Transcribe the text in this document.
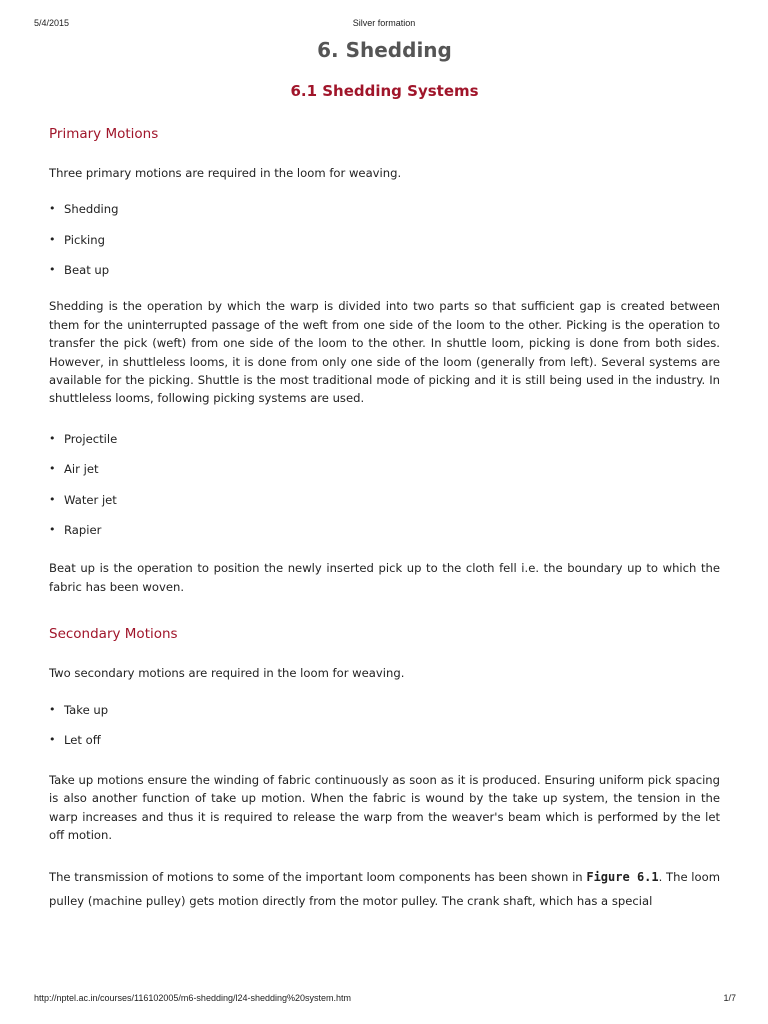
5/4/2015	Silver formation
6. Shedding
6.1 Shedding Systems
Primary Motions

Three primary motions are required in the loom for weaving.

• Shedding
• Picking
• Beat up

Shedding is the operation by which the warp is divided into two parts so that sufficient gap is created between them for the uninterrupted passage of the weft from one side of the loom to the other. Picking is the operation to transfer the pick (weft) from one side of the loom to the other. In shuttle loom, picking is done from both sides. However, in shuttleless looms, it is done from only one side of the loom (generally from left). Several systems are available for the picking. Shuttle is the most traditional mode of picking and it is still being used in the industry. In shuttleless looms, following picking systems are used.

• Projectile
• Air jet
• Water jet
• Rapier

Beat up is the operation to position the newly inserted pick up to the cloth fell i.e. the boundary up to which the fabric has been woven.

Secondary Motions

Two secondary motions are required in the loom for weaving.

• Take up
• Let off

Take up motions ensure the winding of fabric continuously as soon as it is produced. Ensuring uniform pick spacing is also another function of take up motion. When the fabric is wound by the take up system, the tension in the warp increases and thus it is required to release the warp from the weaver's beam which is performed by the let off motion.

The transmission of motions to some of the important loom components has been shown in Figure 6.1. The loom pulley (machine pulley) gets motion directly from the motor pulley. The crank shaft, which has a special

http://nptel.ac.in/courses/116102005/m6-shedding/l24-shedding%20system.htm	1/7
